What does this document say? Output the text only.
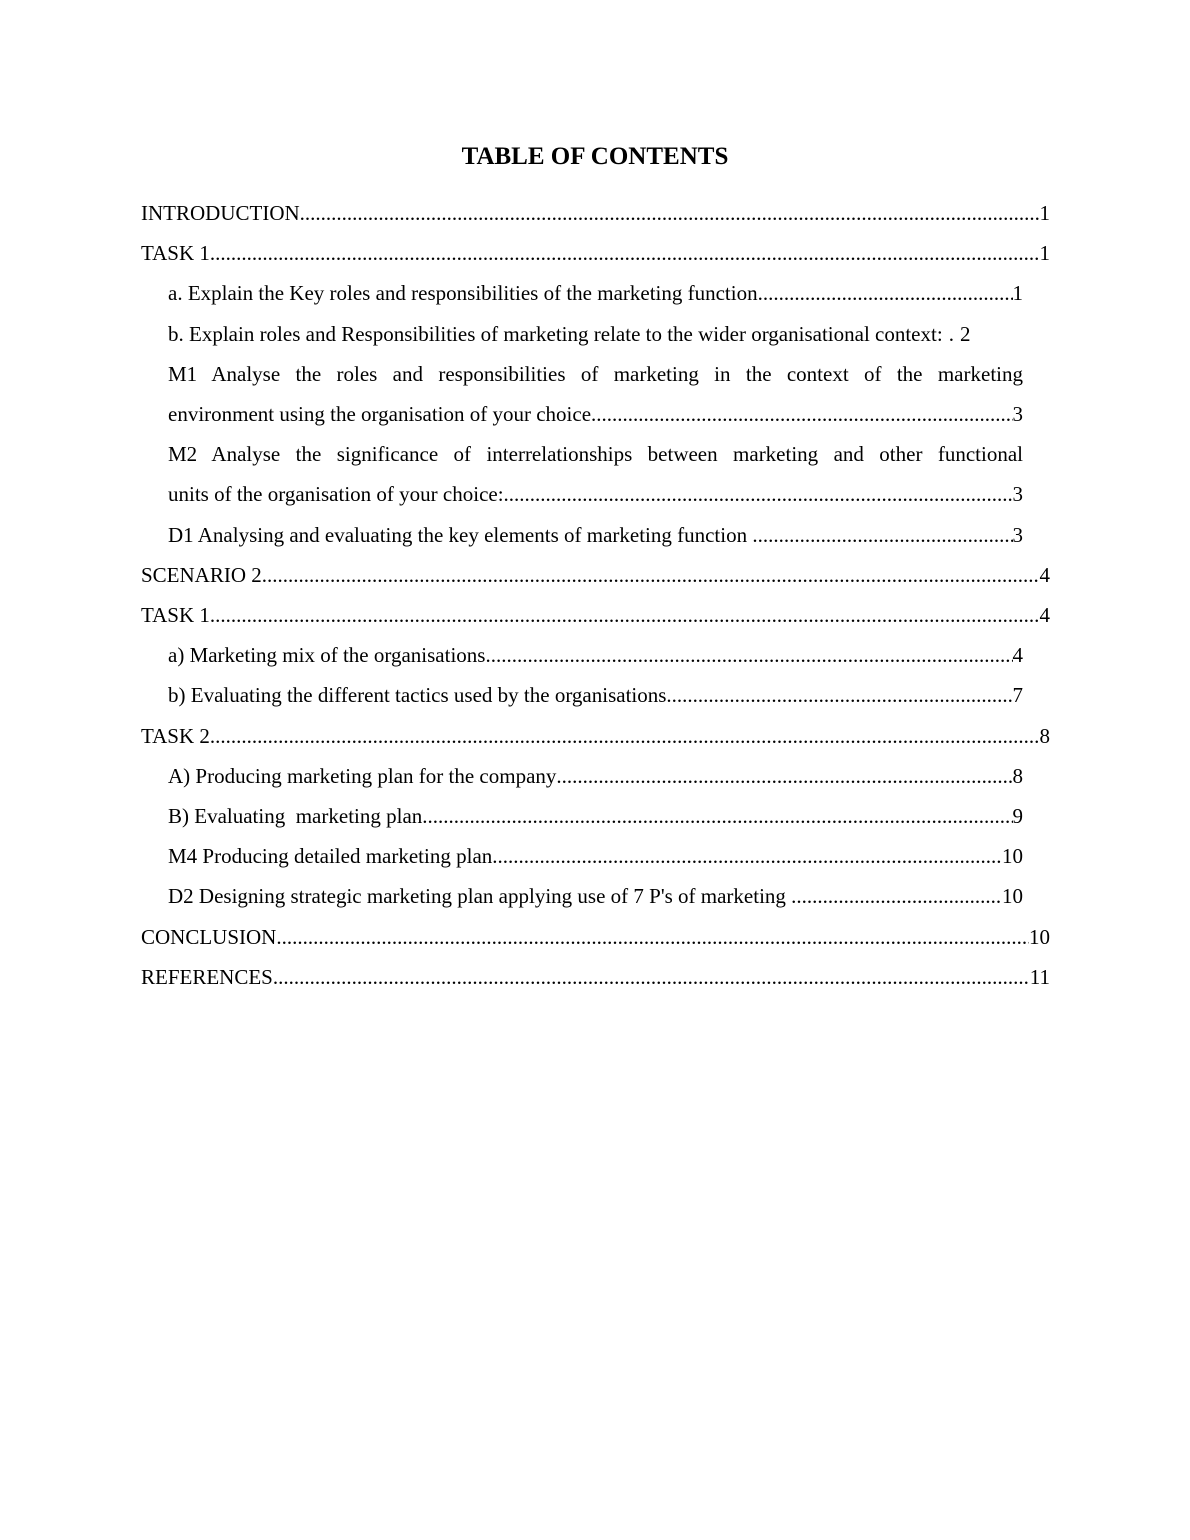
TABLE OF CONTENTS
INTRODUCTION .....	1
TASK 1 .....	1
a. Explain the Key roles and responsibilities of the marketing function .....	1
b. Explain roles and Responsibilities of marketing relate to the wider organisational context: . 2
M1 Analyse the roles and responsibilities of marketing in the context of the marketing
environment using the organisation of your choice .....	3
M2 Analyse the significance of interrelationships between marketing and other functional
units of the organisation of your choice: .....	3
D1 Analysing and evaluating the key elements of marketing function .....	3
SCENARIO 2 .....	4
TASK 1 .....	4
a) Marketing mix of the organisations .....	4
b) Evaluating the different tactics used by the organisations .....	7
TASK 2 .....	8
A) Producing marketing plan for the company .....	8
B) Evaluating  marketing plan .....	9
M4 Producing detailed marketing plan .....	10
D2 Designing strategic marketing plan applying use of 7 P's of marketing .....	10
CONCLUSION .....	10
REFERENCES .....	11
